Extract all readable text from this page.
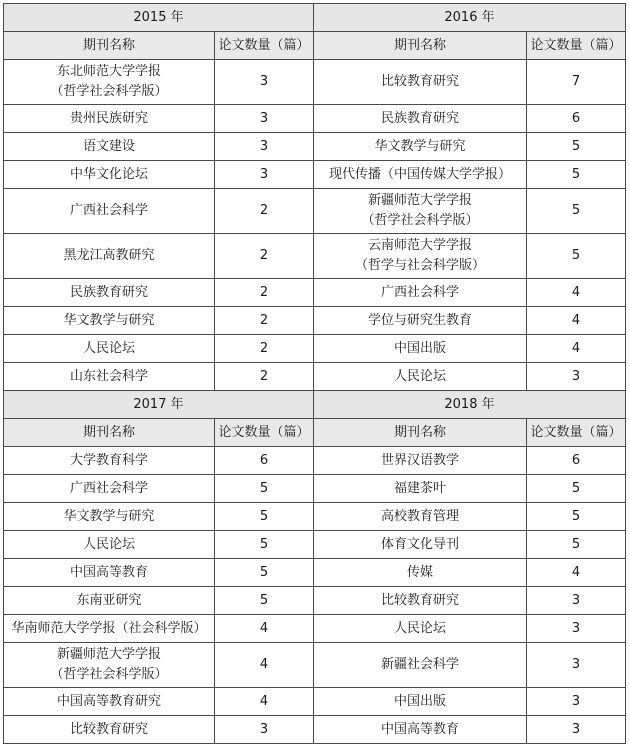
2015 年		2016 年	
期刊名称	论文数量（篇）	期刊名称	论文数量（篇）

东北师范大学学报
（哲学社会科学版）	3	比较教育研究	7

贵州民族研究	3	民族教育研究	6

语文建设	3	华文教学与研究	5

中华文化论坛	3	现代传播（中国传媒大学学报）	5

广西社会科学	2	新疆师范大学学报
（哲学社会科学版）	5

黑龙江高教研究	2	云南师范大学学报
（哲学与社会科学版）	5

民族教育研究	2	广西社会科学	4

华文教学与研究	2	学位与研究生教育	4

人民论坛	2	中国出版	4

山东社会科学	2	人民论坛	3
2017 年		2018 年	
期刊名称	论文数量（篇）	期刊名称	论文数量（篇）

大学教育科学	6	世界汉语教学	6

广西社会科学	5	福建茶叶	5

华文教学与研究	5	高校教育管理	5

人民论坛	5	体育文化导刊	5

中国高等教育	5	传媒	4

东南亚研究	5	比较教育研究	3

华南师范大学学报（社会科学版）	4	人民论坛	3

新疆师范大学学报
（哲学社会科学版）	4	新疆社会科学	3

中国高等教育研究	4	中国出版	3

比较教育研究	3	中国高等教育	3
